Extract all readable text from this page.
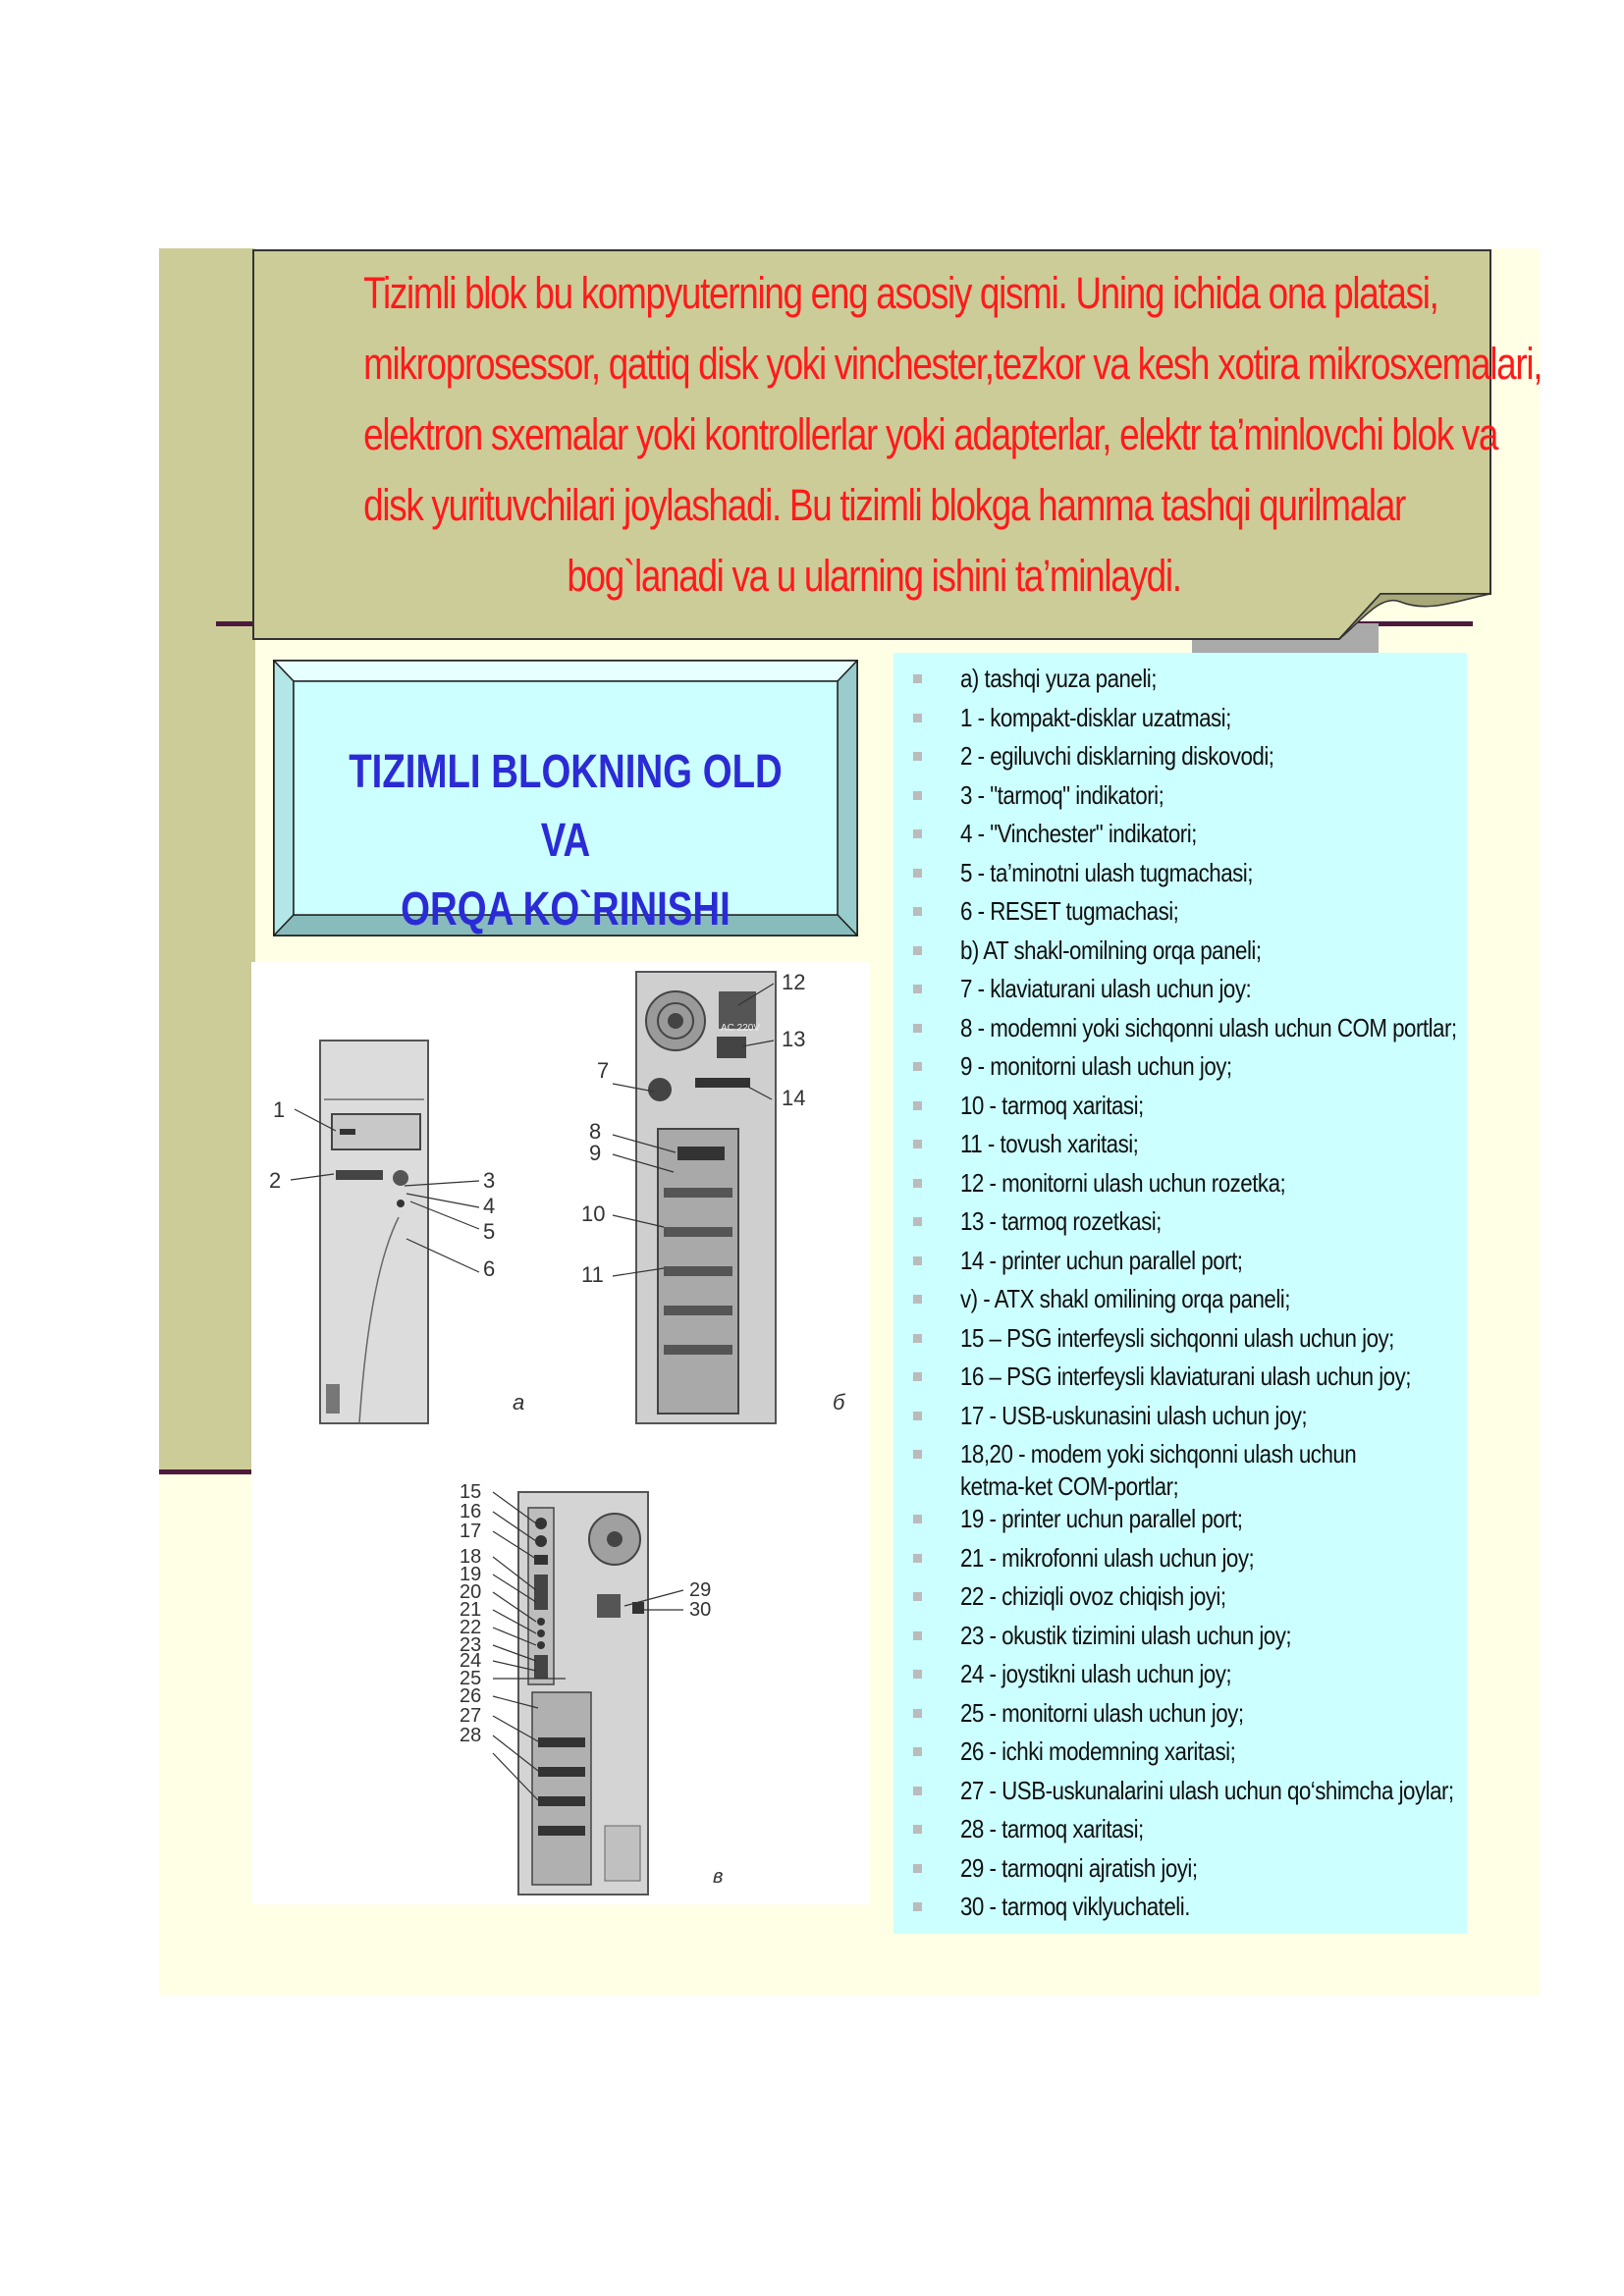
Tizimli blok bu kompyuterning eng asosiy qismi. Uning ichida ona platasi,
mikroprosessor, qattiq disk yoki vinchester,tezkor va kesh xotira mikrosxemalari,
elektron sxemalar yoki kontrollerlar yoki adapterlar, elektr ta’minlovchi blok va
disk yurituvchilari joylashadi. Bu tizimli blokga hamma tashqi qurilmalar
bog`lanadi va u ularning ishini ta’minlaydi.
TIZIMLI BLOKNING OLD VA
ORQA KO`RINISHI
1
2	3
4
5
6
a
7
8
9
10
11
12
13
14
б
AC 220V
15
16
17
18
19
20
21
22
23
24
25
26
27
28
29
30
в
a) tashqi yuza paneli;
1 - kompakt-disklar uzatmasi;
2 - egiluvchi disklarning diskovodi;
3 - "tarmoq" indikatori;
4 - "Vinchester" indikatori;
5 - ta’minotni ulash tugmachasi;
6 - RESET tugmachasi;
b) AT shakl-omilning orqa paneli;
7 - klaviaturani ulash uchun joy:
8 - modemni yoki sichqonni ulash uchun COM portlar;
9 - monitorni ulash uchun joy;
10 - tarmoq xaritasi;
11 - tovush xaritasi;
12 - monitorni ulash uchun rozetka;
13 - tarmoq rozetkasi;
14 - printer uchun parallel port;
v) - ATX shakl omilining orqa paneli;
15 – PSG interfeysli sichqonni ulash uchun joy;
16 – PSG interfeysli klaviaturani ulash uchun joy;
17 - USB-uskunasini ulash uchun joy;
18,20 - modem yoki sichqonni ulash uchun ketma-ket COM-portlar;
19 - printer uchun parallel port;
21 - mikrofonni ulash uchun joy;
22 - chiziqli ovoz chiqish joyi;
23 - okustik tizimini ulash uchun joy;
24 - joystikni ulash uchun joy;
25 - monitorni ulash uchun joy;
26 - ichki modemning xaritasi;
27 - USB-uskunalarini ulash uchun qo‘shimcha joylar;
28 - tarmoq xaritasi;
29 - tarmoqni ajratish joyi;
30 - tarmoq viklyuchateli.
